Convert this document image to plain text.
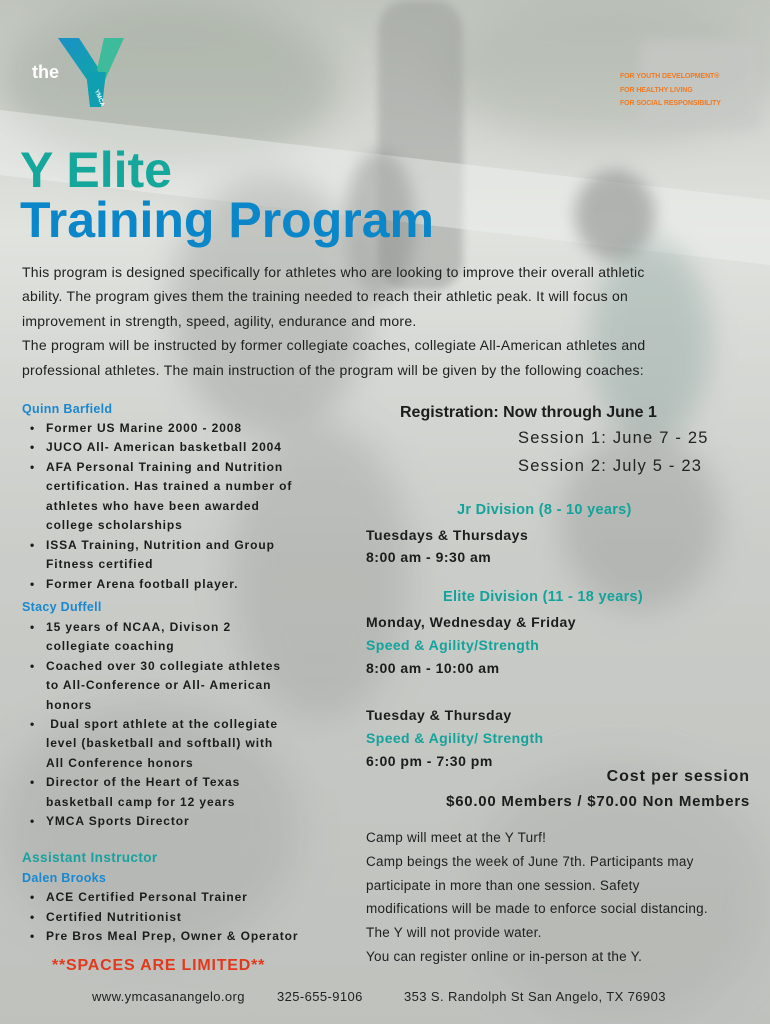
the
YMCA
FOR YOUTH DEVELOPMENT®
FOR HEALTHY LIVING
FOR SOCIAL RESPONSIBILITY
Y Elite
Training Program
This program is designed specifically for athletes who are looking to improve their overall athletic
ability. The program gives them the training needed to reach their athletic peak. It will focus on
improvement in strength, speed, agility, endurance and more.
The program will be instructed by former collegiate coaches, collegiate All-American athletes and
professional athletes. The main instruction of the program will be given by the following coaches:
Quinn Barfield
• Former US Marine 2000 - 2008
• JUCO All- American basketball 2004
• AFA Personal Training and Nutrition
certification. Has trained a number of
athletes who have been awarded
college scholarships
• ISSA Training, Nutrition and Group
Fitness certified
• Former Arena football player.
Stacy Duffell
• 15 years of NCAA, Divison 2
collegiate coaching
• Coached over 30 collegiate athletes
to All-Conference or All- American
honors
•  Dual sport athlete at the collegiate
level (basketball and softball) with
All Conference honors
• Director of the Heart of Texas
basketball camp for 12 years
• YMCA Sports Director
Assistant Instructor
Dalen Brooks
• ACE Certified Personal Trainer
• Certified Nutritionist
• Pre Bros Meal Prep, Owner & Operator
**SPACES ARE LIMITED**
Registration: Now through June 1
Session 1: June 7 - 25
Session 2: July 5 - 23
Jr Division (8 - 10 years)
Tuesdays & Thursdays
8:00 am - 9:30 am
Elite Division (11 - 18 years)
Monday, Wednesday & Friday
Speed & Agility/Strength
8:00 am - 10:00 am
Tuesday & Thursday
Speed & Agility/ Strength
6:00 pm - 7:30 pm
Cost per session
$60.00 Members / $70.00 Non Members
Camp will meet at the Y Turf!
Camp beings the week of June 7th. Participants may
participate in more than one session. Safety
modifications will be made to enforce social distancing.
The Y will not provide water.
You can register online or in-person at the Y.
www.ymcasanangelo.org 325-655-9106	353 S. Randolph St San Angelo, TX 76903
